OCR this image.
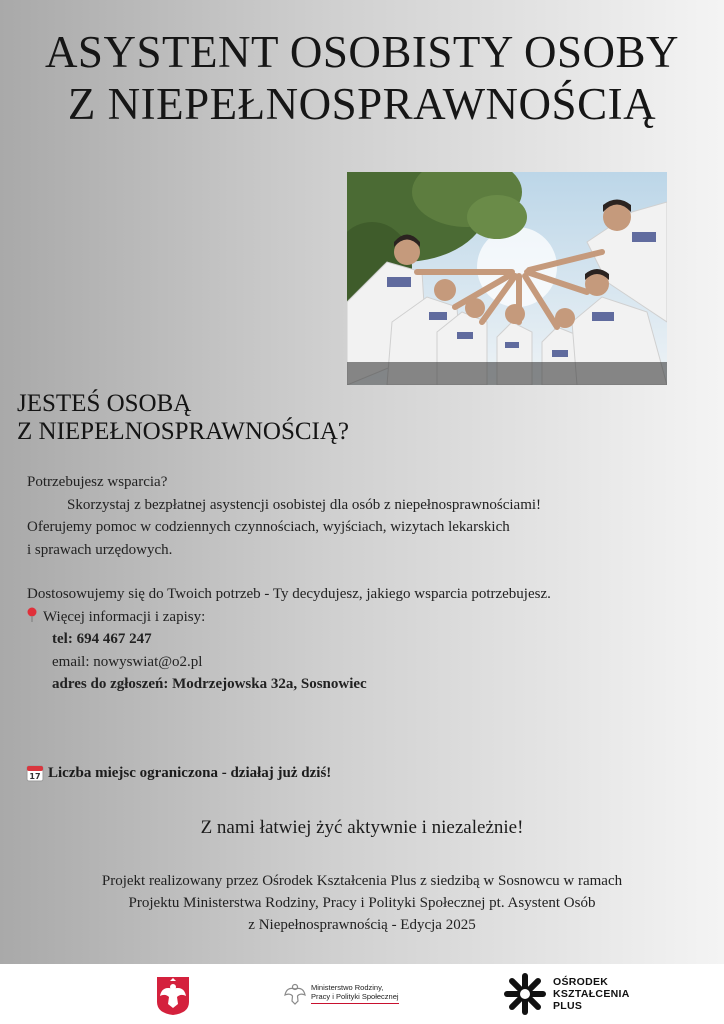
ASYSTENT OSOBISTY OSOBY
Z NIEPEŁNOSPRAWNOŚCIĄ
JESTEŚ OSOBĄ
Z NIEPEŁNOSPRAWNOŚCIĄ?

Potrzebujesz wsparcia?

Skorzystaj z bezpłatnej asystencji osobistej dla osób z niepełnosprawnościami!

Oferujemy pomoc w codziennych czynnościach, wyjściach, wizytach lekarskich

i sprawach urzędowych.

Dostosowujemy się do Twoich potrzeb - Ty decydujesz, jakiego wsparcia potrzebujesz.

Więcej informacji i zapisy:

tel: 694 467 247

email: nowyswiat@o2.pl

adres do zgłoszeń: Modrzejowska 32a, Sosnowiec

17 Liczba miejsc ograniczona - działaj już dziś!
Z nami łatwiej żyć aktywnie i niezależnie!
Projekt realizowany przez Ośrodek Kształcenia Plus z siedzibą w Sosnowcu w ramach
Projektu Ministerstwa Rodziny, Pracy i Polityki Społecznej pt. Asystent Osób
z Niepełnosprawnością - Edycja 2025
Ministerstwo Rodziny,
Pracy i Polityki Społecznej
OŚRODEK
KSZTAŁCENIA
PLUS
